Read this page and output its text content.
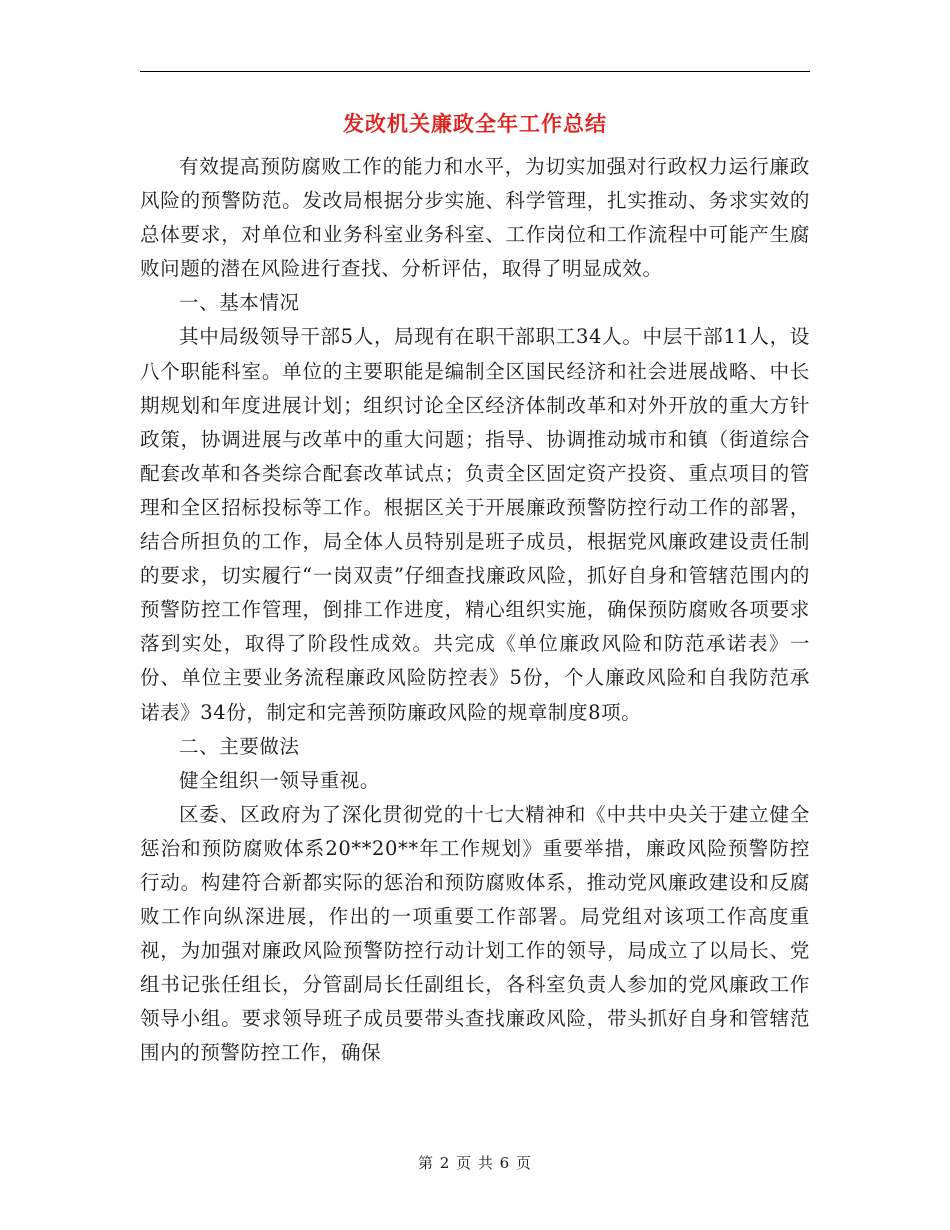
发改机关廉政全年工作总结

有效提高预防腐败工作的能力和水平，为切实加强对行政权力运行廉政风险的预警防范。发改局根据分步实施、科学管理，扎实推动、务求实效的总体要求，对单位和业务科室业务科室、工作岗位和工作流程中可能产生腐败问题的潜在风险进行查找、分析评估，取得了明显成效。

一、基本情况

其中局级领导干部5人，局现有在职干部职工34人。中层干部11人，设八个职能科室。单位的主要职能是编制全区国民经济和社会进展战略、中长期规划和年度进展计划；组织讨论全区经济体制改革和对外开放的重大方针政策，协调进展与改革中的重大问题；指导、协调推动城市和镇（街道综合配套改革和各类综合配套改革试点；负责全区固定资产投资、重点项目的管理和全区招标投标等工作。根据区关于开展廉政预警防控行动工作的部署，结合所担负的工作，局全体人员特别是班子成员，根据党风廉政建设责任制的要求，切实履行“一岗双责”仔细查找廉政风险，抓好自身和管辖范围内的预警防控工作管理，倒排工作进度，精心组织实施，确保预防腐败各项要求落到实处，取得了阶段性成效。共完成《单位廉政风险和防范承诺表》一份、单位主要业务流程廉政风险防控表》5份，个人廉政风险和自我防范承诺表》34份，制定和完善预防廉政风险的规章制度8项。

二、主要做法

健全组织一领导重视。

区委、区政府为了深化贯彻党的十七大精神和《中共中央关于建立健全惩治和预防腐败体系20**20**年工作规划》重要举措，廉政风险预警防控行动。构建符合新都实际的惩治和预防腐败体系，推动党风廉政建设和反腐败工作向纵深进展，作出的一项重要工作部署。局党组对该项工作高度重视，为加强对廉政风险预警防控行动计划工作的领导，局成立了以局长、党组书记张任组长，分管副局长任副组长，各科室负责人参加的党风廉政工作领导小组。要求领导班子成员要带头查找廉政风险，带头抓好自身和管辖范围内的预警防控工作，确保

第 2 页 共 6 页
